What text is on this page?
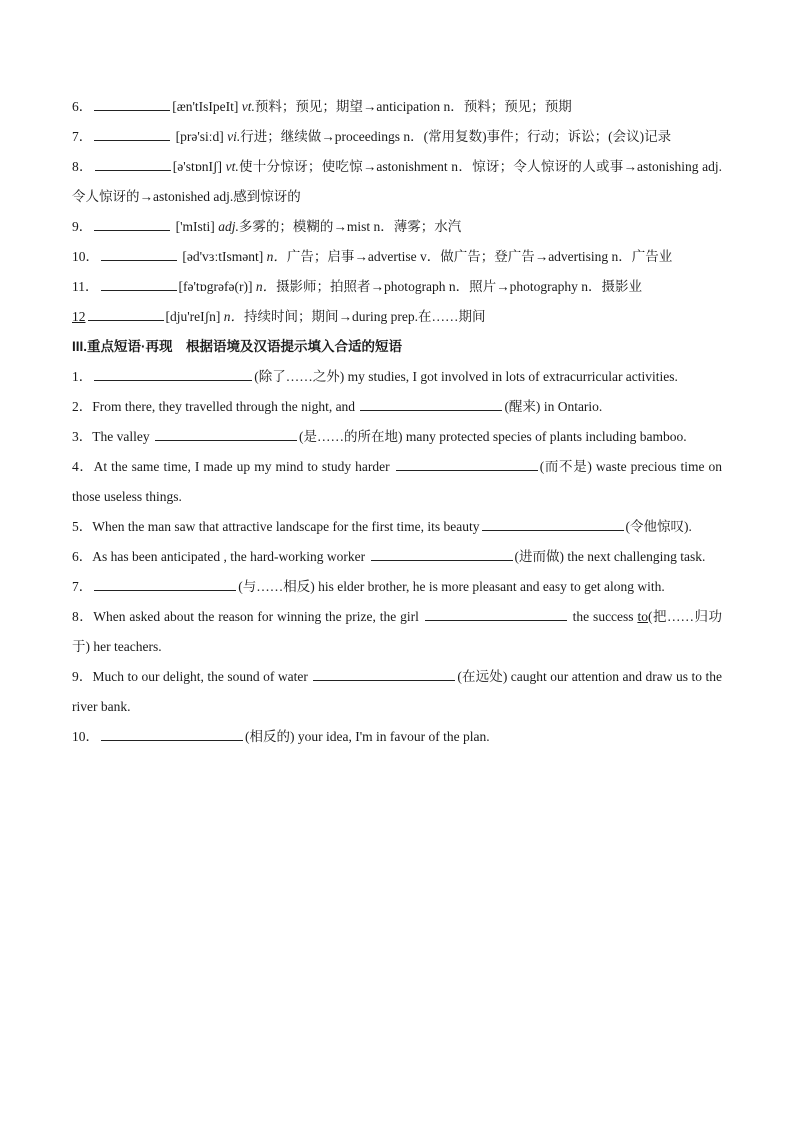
6．	[æn'tIsIpeIt] vt.预料；预见；期望→anticipation n．预料；预见；预期
7．	[prə'siːd] vi.行进；继续做→proceedings n．(常用复数)事件；行动；诉讼；(会议)记录
8．	[ə'stɒnIʃ] vt.使十分惊讶；使吃惊→astonishment n．惊讶；令人惊讶的人或事→astonishing adj.令人惊讶的→astonished adj.感到惊讶的
9．	['mIsti] adj.多雾的；模糊的→mist n．薄雾；水汽
10．	[əd'vɜːtIsmənt] n．广告；启事→advertise v．做广告；登广告→advertising n．广告业
11．	[fə'tɒgrəfə(r)] n．摄影师；拍照者→photograph n．照片→photography n．摄影业
12	[dju'reIʃn] n．持续时间；期间→during prep.在……期间
III.重点短语·再现　根据语境及汉语提示填入合适的短语
1．	(除了……之外) my studies, I got involved in lots of extracurricular activities.
2．From there, they travelled through the night, and	(醒来) in Ontario.
3．The valley	(是……的所在地) many protected species of plants including bamboo.
4．At the same time, I made up my mind to study harder	(而不是) waste precious time on those useless things.
5．When the man saw that attractive landscape for the first time, its beauty	(令他惊叹).
6．As has been anticipated , the hard-working worker	(进而做) the next challenging task.
7．	(与……相反) his elder brother, he is more pleasant and easy to get along with.
8．When asked about the reason for winning the prize, the girl	the success to(把……归功于) her teachers.
9．Much to our delight, the sound of water	(在远处) caught our attention and draw us to the river bank.
10．	(相反的) your idea, I'm in favour of the plan.
